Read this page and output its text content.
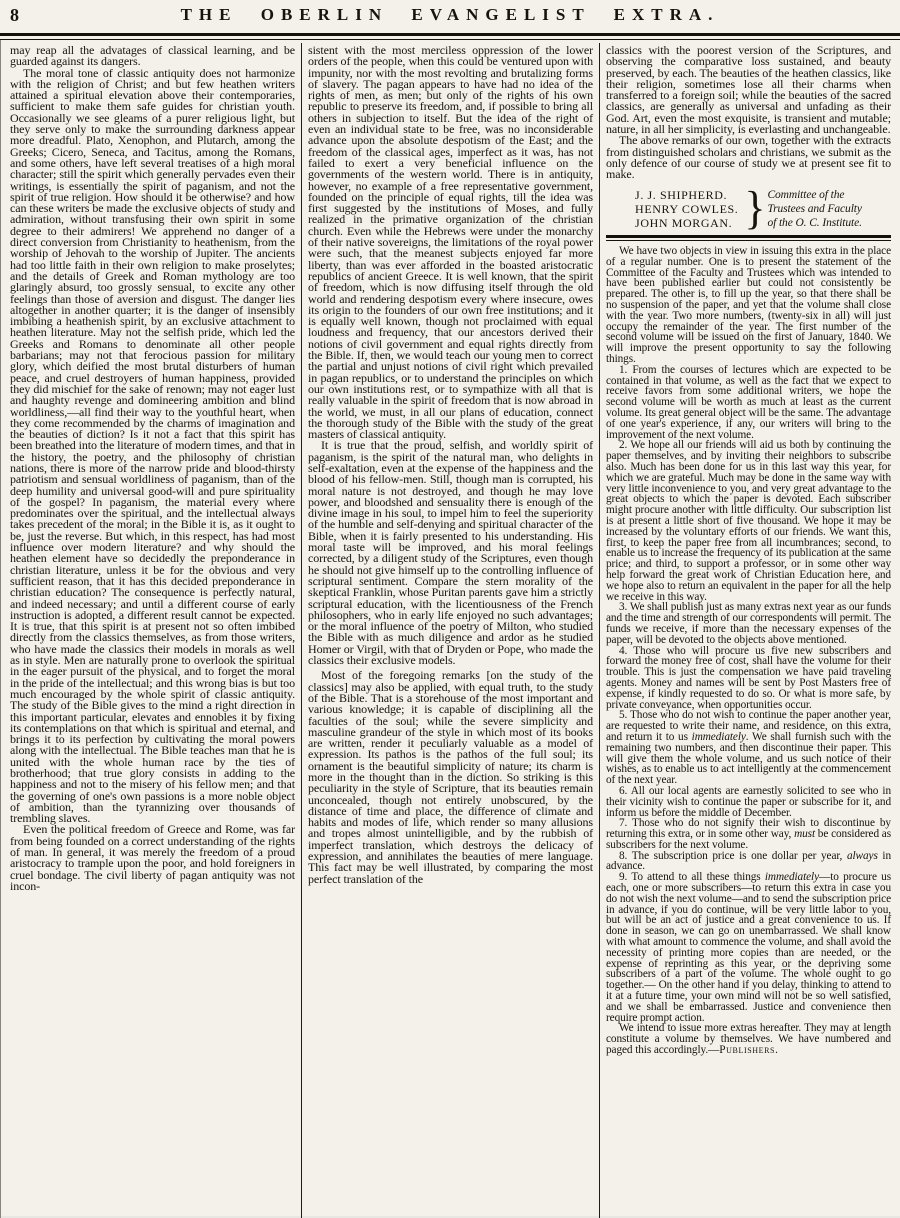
8	THE OBERLIN EVANGELIST EXTRA.

may reap all the advatages of classical learning, and be guarded against its dangers.

The moral tone of classic antiquity does not harmonize with the religion of Christ; and but few heathen writers attained a spiritual elevation above their contemporaries, sufficient to make them safe guides for christian youth. Occasionally we see gleams of a purer religious light, but they serve only to make the surrounding darkness appear more dreadful. Plato, Xenophon, and Plutarch, among the Greeks; Cicero, Seneca, and Tacitus, among the Romans, and some others, have left several treatises of a high moral character; still the spirit which generally pervades even their writings, is essentially the spirit of paganism, and not the spirit of true religion. How should it be otherwise? and how can these writers be made the exclusive objects of study and admiration, without transfusing their own spirit in some degree to their admirers! We apprehend no danger of a direct conversion from Christianity to heathenism, from the worship of Jehovah to the worship of Jupiter. The ancients had too little faith in their own religion to make proselytes; and the details of Greek and Roman mythology are too glaringly absurd, too grossly sensual, to excite any other feelings than those of aversion and disgust. The danger lies altogether in another quarter; it is the danger of insensibly imbibing a heathenish spirit, by an exclusive attachment to heathen literature. May not the selfish pride, which led the Greeks and Romans to denominate all other people barbarians; may not that ferocious passion for military glory, which deified the most brutal disturbers of human peace, and cruel destroyers of human happiness, provided they did mischief for the sake of renown; may not eager lust and haughty revenge and domineering ambition and blind worldliness,—all find their way to the youthful heart, when they come recommended by the charms of imagination and the beauties of diction? Is it not a fact that this spirit has been breathed into the literature of modern times, and that in the history, the poetry, and the philosophy of christian nations, there is more of the narrow pride and blood-thirsty patriotism and sensual worldliness of paganism, than of the deep humility and universal good-will and pure spirituality of the gospel? In paganism, the material every where predominates over the spiritual, and the intellectual always takes precedent of the moral; in the Bible it is, as it ought to be, just the reverse. But which, in this respect, has had most influence over modern literature? and why should the heathen element have so decidedly the preponderance in christian literature, unless it be for the obvious and very sufficient reason, that it has this decided preponderance in christian education? The consequence is perfectly natural, and indeed necessary; and until a different course of early instruction is adopted, a different result cannot be expected. It is true, that this spirit is at present not so often imbibed directly from the classics themselves, as from those writers, who have made the classics their models in morals as well as in style. Men are naturally prone to overlook the spiritual in the eager pursuit of the physical, and to forget the moral in the pride of the intellectual; and this wrong bias is but too much encouraged by the whole spirit of classic antiquity. The study of the Bible gives to the mind a right direction in this important particular, elevates and ennobles it by fixing its contemplations on that which is spiritual and eternal, and brings it to its perfection by cultivating the moral powers along with the intellectual. The Bible teaches man that he is united with the whole human race by the ties of brotherhood; that true glory consists in adding to the happiness and not to the misery of his fellow men; and that the governing of one's own passions is a more noble object of ambition, than the tyrannizing over thousands of trembling slaves.

Even the political freedom of Greece and Rome, was far from being founded on a correct understanding of the rights of man. In general, it was merely the freedom of a proud aristocracy to trample upon the poor, and hold foreigners in cruel bondage. The civil liberty of pagan antiquity was not incon-

sistent with the most merciless oppression of the lower orders of the people, when this could be ventured upon with impunity, nor with the most revolting and brutalizing forms of slavery. The pagan appears to have had no idea of the rights of men, as men; but only of the rights of his own republic to preserve its freedom, and, if possible to bring all others in subjection to itself. But the idea of the right of even an individual state to be free, was no inconsiderable advance upon the absolute despotism of the East; and the freedom of the classical ages, imperfect as it was, has not failed to exert a very beneficial influence on the governments of the western world. There is in antiquity, however, no example of a free representative government, founded on the principle of equal rights, till the idea was first suggested by the institutions of Moses, and fully realized in the primative organization of the christian church. Even while the Hebrews were under the monarchy of their native sovereigns, the limitations of the royal power were such, that the meanest subjects enjoyed far more liberty, than was ever afforded in the boasted aristocratic republics of ancient Greece. It is well known, that the spirit of freedom, which is now diffusing itself through the old world and rendering despotism every where insecure, owes its origin to the founders of our own free institutions; and it is equally well known, though not proclaimed with equal loudness and frequency, that our ancestors derived their notions of civil government and equal rights directly from the Bible. If, then, we would teach our young men to correct the partial and unjust notions of civil right which prevailed in pagan republics, or to understand the principles on which our own institutions rest, or to sympathize with all that is really valuable in the spirit of freedom that is now abroad in the world, we must, in all our plans of education, connect the thorough study of the Bible with the study of the great masters of classical antiquity.

It is true that the proud, selfish, and worldly spirit of paganism, is the spirit of the natural man, who delights in self-exaltation, even at the expense of the happiness and the blood of his fellow-men. Still, though man is corrupted, his moral nature is not destroyed, and though he may love power, and bloodshed and sensuality there is enough of the divine image in his soul, to impel him to feel the superiority of the humble and self-denying and spiritual character of the Bible, when it is fairly presented to his understanding. His moral taste will be improved, and his moral feelings corrected, by a diligent study of the Scriptures, even though he should not give himself up to the controlling influence of scriptural sentiment. Compare the stern morality of the skeptical Franklin, whose Puritan parents gave him a strictly scriptural education, with the licentiousness of the French philosophers, who in early life enjoyed no such advantages; or the moral influence of the poetry of Milton, who studied the Bible with as much diligence and ardor as he studied Homer or Virgil, with that of Dryden or Pope, who made the classics their exclusive models.

Most of the foregoing remarks [on the study of the classics] may also be applied, with equal truth, to the study of the Bible. That is a storehouse of the most important and various knowledge; it is capable of disciplining all the faculties of the soul; while the severe simplicity and masculine grandeur of the style in which most of its books are written, render it peculiarly valuable as a model of expression. Its pathos is the pathos of the full soul; its ornament is the beautiful simplicity of nature; its charm is more in the thought than in the diction. So striking is this peculiarity in the style of Scripture, that its beauties remain unconcealed, though not entirely unobscured, by the distance of time and place, the difference of climate and habits and modes of life, which render so many allusions and tropes almost unintelligible, and by the rubbish of imperfect translation, which destroys the delicacy of expression, and annihilates the beauties of mere language. This fact may be well illustrated, by comparing the most perfect translation of the

classics with the poorest version of the Scriptures, and observing the comparative loss sustained, and beauty preserved, by each. The beauties of the heathen classics, like their religion, sometimes lose all their charms when transferred to a foreign soil; while the beauties of the sacred classics, are generally as universal and unfading as their God. Art, even the most exquisite, is transient and mutable; nature, in all her simplicity, is everlasting and unchangeable.

The above remarks of our own, together with the extracts from distinguished scholars and christians, we submit as the only defence of our course of study we at present see fit to make.

J. J. SHIPHERD.
HENRY COWLES.
JOHN MORGAN. } Committee of the
Trustees and Faculty
of the O. C. Institute.

We have two objects in view in issuing this extra in the place of a regular number. One is to present the statement of the Committee of the Faculty and Trustees which was intended to have been published earlier but could not consistently be prepared. The other is, to fill up the year, so that there shall be no suspension of the paper, and yet that the volume shall close with the year. Two more numbers, (twenty-six in all) will just occupy the remainder of the year. The first number of the second volume will be issued on the first of January, 1840. We will improve the present opportunity to say the following things.

1. From the courses of lectures which are expected to be contained in that volume, as well as the fact that we expect to receive favors from some additional writers, we hope the second volume will be worth as much at least as the current volume. Its great general object will be the same. The advantage of one year's experience, if any, our writers will bring to the improvement of the next volume.

2. We hope all our friends will aid us both by continuing the paper themselves, and by inviting their neighbors to subscribe also. Much has been done for us in this last way this year, for which we are grateful. Much may be done in the same way with very little inconvenience to you, and very great advantage to the great objects to which the paper is devoted. Each subscriber might procure another with little difficulty. Our subscription list is at present a little short of five thousand. We hope it may be increased by the voluntary efforts of our friends. We want this, first, to keep the paper free from all incumbrances; second, to enable us to increase the frequency of its publication at the same price; and third, to support a professor, or in some other way help forward the great work of Christian Education here, and we hope also to return an equivalent in the paper for all the help we receive in this way.

3. We shall publish just as many extras next year as our funds and the time and strength of our correspondents will permit. The funds we receive, if more than the necessary expenses of the paper, will be devoted to the objects above mentioned.

4. Those who will procure us five new subscribers and forward the money free of cost, shall have the volume for their trouble. This is just the compensation we have paid traveling agents. Money and names will be sent by Post Masters free of expense, if kindly requested to do so. Or what is more safe, by private conveyance, when opportunities occur.

5. Those who do not wish to continue the paper another year, are requested to write their name, and residence, on this extra, and return it to us immediately. We shall furnish such with the remaining two numbers, and then discontinue their paper. This will give them the whole volume, and us such notice of their wishes, as to enable us to act intelligently at the commencement of the next year.

6. All our local agents are earnestly solicited to see who in their vicinity wish to continue the paper or subscribe for it, and inform us before the middle of December.

7. Those who do not signify their wish to discontinue by returning this extra, or in some other way, must be considered as subscribers for the next volume.

8. The subscription price is one dollar per year, always in advance.

9. To attend to all these things immediately—to procure us each, one or more subscribers—to return this extra in case you do not wish the next volume—and to send the subscription price in advance, if you do continue, will be very little labor to you, but will be an act of justice and a great convenience to us. If done in season, we can go on unembarrassed. We shall know with what amount to commence the volume, and shall avoid the necessity of printing more copies than are needed, or the expense of reprinting as this year, or the depriving some subscribers of a part of the volume. The whole ought to go together.— On the other hand if you delay, thinking to attend to it at a future time, your own mind will not be so well satisfied, and we shall be embarrassed. Justice and convenience then require prompt action.

We intend to issue more extras hereafter. They may at length constitute a volume by themselves. We have numbered and paged this accordingly.—Publishers.
